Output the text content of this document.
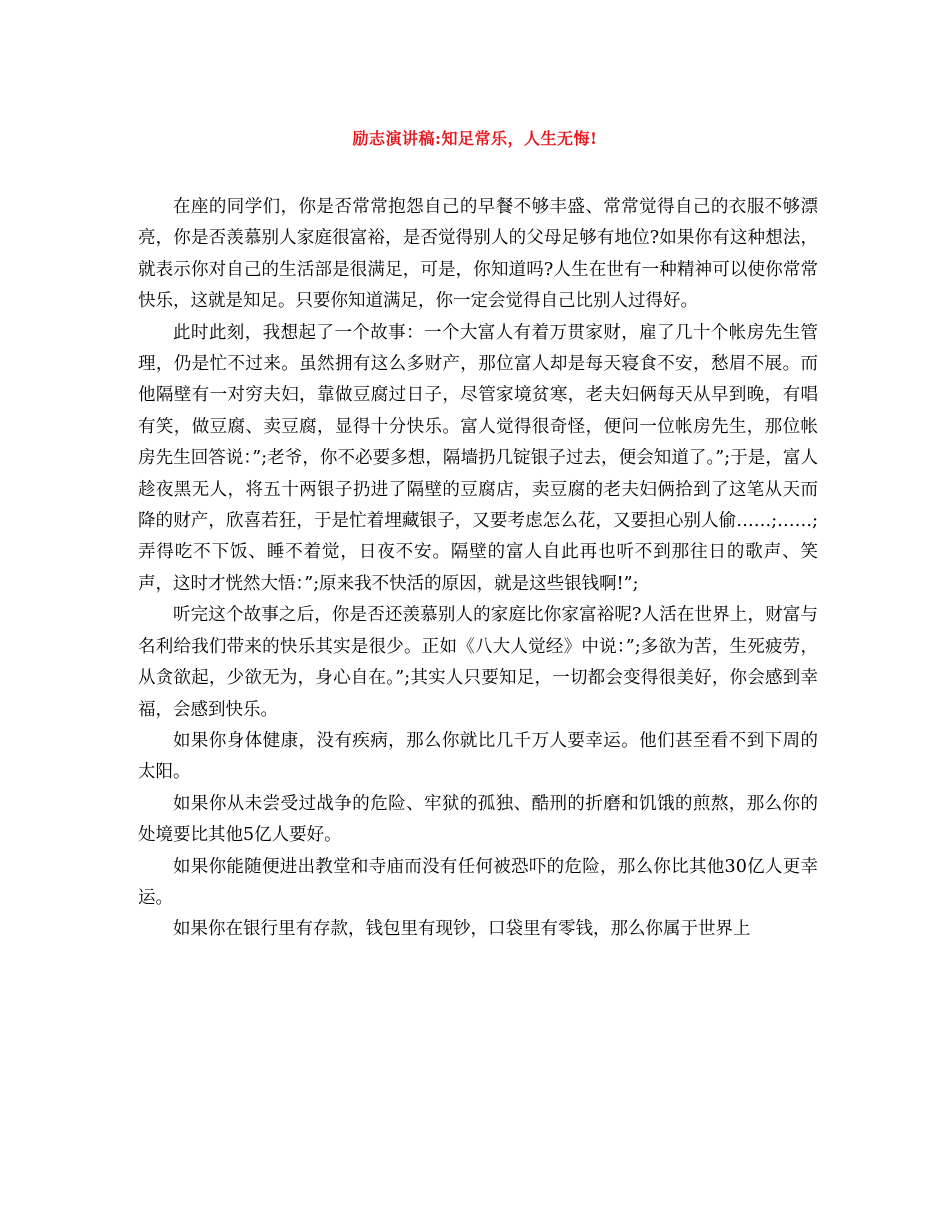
励志演讲稿:知足常乐，人生无悔!

在座的同学们，你是否常常抱怨自己的早餐不够丰盛、常常觉得自己的衣服不够漂亮，你是否羡慕别人家庭很富裕，是否觉得别人的父母足够有地位?如果你有这种想法，就表示你对自己的生活部是很满足，可是，你知道吗?人生在世有一种精神可以使你常常快乐，这就是知足。只要你知道满足，你一定会觉得自己比别人过得好。

此时此刻，我想起了一个故事：一个大富人有着万贯家财，雇了几十个帐房先生管理，仍是忙不过来。虽然拥有这么多财产，那位富人却是每天寝食不安，愁眉不展。而他隔壁有一对穷夫妇，靠做豆腐过日子，尽管家境贫寒，老夫妇俩每天从早到晚，有唱有笑，做豆腐、卖豆腐，显得十分快乐。富人觉得很奇怪，便问一位帐房先生，那位帐房先生回答说：”;老爷，你不必要多想，隔墙扔几锭银子过去，便会知道了。”;于是，富人趁夜黑无人，将五十两银子扔进了隔壁的豆腐店，卖豆腐的老夫妇俩拾到了这笔从天而降的财产，欣喜若狂，于是忙着埋藏银子，又要考虑怎么花，又要担心别人偷……;……;弄得吃不下饭、睡不着觉，日夜不安。隔壁的富人自此再也听不到那往日的歌声、笑声，这时才恍然大悟：”;原来我不快活的原因，就是这些银钱啊!”;

听完这个故事之后，你是否还羡慕别人的家庭比你家富裕呢?人活在世界上，财富与名利给我们带来的快乐其实是很少。正如《八大人觉经》中说：”;多欲为苦，生死疲劳，从贪欲起，少欲无为，身心自在。”;其实人只要知足，一切都会变得很美好，你会感到幸福，会感到快乐。

如果你身体健康，没有疾病，那么你就比几千万人要幸运。他们甚至看不到下周的太阳。

如果你从未尝受过战争的危险、牢狱的孤独、酷刑的折磨和饥饿的煎熬，那么你的处境要比其他5亿人要好。

如果你能随便进出教堂和寺庙而没有任何被恐吓的危险，那么你比其他30亿人更幸运。

如果你在银行里有存款，钱包里有现钞，口袋里有零钱，那么你属于世界上
